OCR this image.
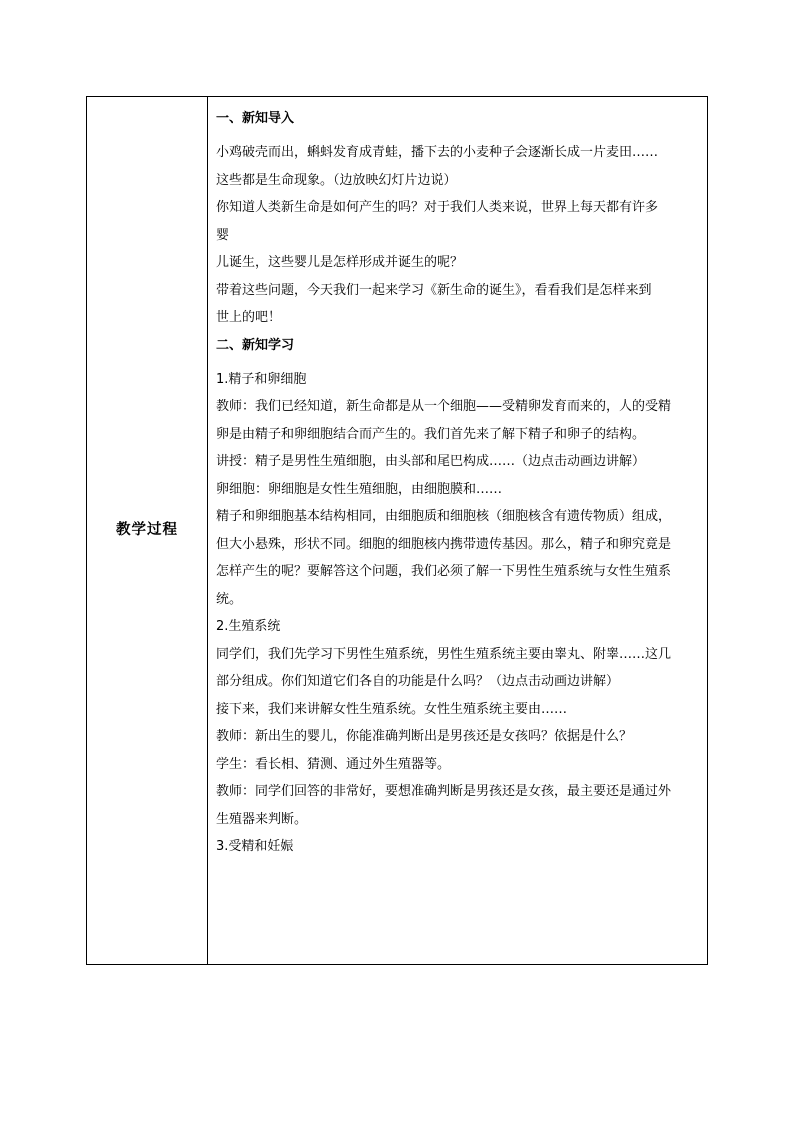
教学过程

一、新知导入

小鸡破壳而出，蝌蚪发育成青蛙，播下去的小麦种子会逐渐长成一片麦田……

这些都是生命现象。（边放映幻灯片边说）

你知道人类新生命是如何产生的吗？对于我们人类来说，世界上每天都有许多

婴

儿诞生，这些婴儿是怎样形成并诞生的呢？

带着这些问题，今天我们一起来学习《新生命的诞生》，看看我们是怎样来到

世上的吧！

二、新知学习

1.精子和卵细胞

教师：我们已经知道，新生命都是从一个细胞——受精卵发育而来的，人的受精

卵是由精子和卵细胞结合而产生的。我们首先来了解下精子和卵子的结构。

讲授：精子是男性生殖细胞，由头部和尾巴构成……（边点击动画边讲解）

卵细胞：卵细胞是女性生殖细胞，由细胞膜和……

精子和卵细胞基本结构相同，由细胞质和细胞核（细胞核含有遗传物质）组成，

但大小悬殊，形状不同。细胞的细胞核内携带遗传基因。那么，精子和卵究竟是

怎样产生的呢？要解答这个问题，我们必须了解一下男性生殖系统与女性生殖系

统。

2.生殖系统

同学们，我们先学习下男性生殖系统，男性生殖系统主要由睾丸、附睾……这几

部分组成。你们知道它们各自的功能是什么吗？（边点击动画边讲解）

接下来，我们来讲解女性生殖系统。女性生殖系统主要由……

教师：新出生的婴儿，你能准确判断出是男孩还是女孩吗？依据是什么？

学生：看长相、猜测、通过外生殖器等。

教师：同学们回答的非常好，要想准确判断是男孩还是女孩，最主要还是通过外

生殖器来判断。

3.受精和妊娠
